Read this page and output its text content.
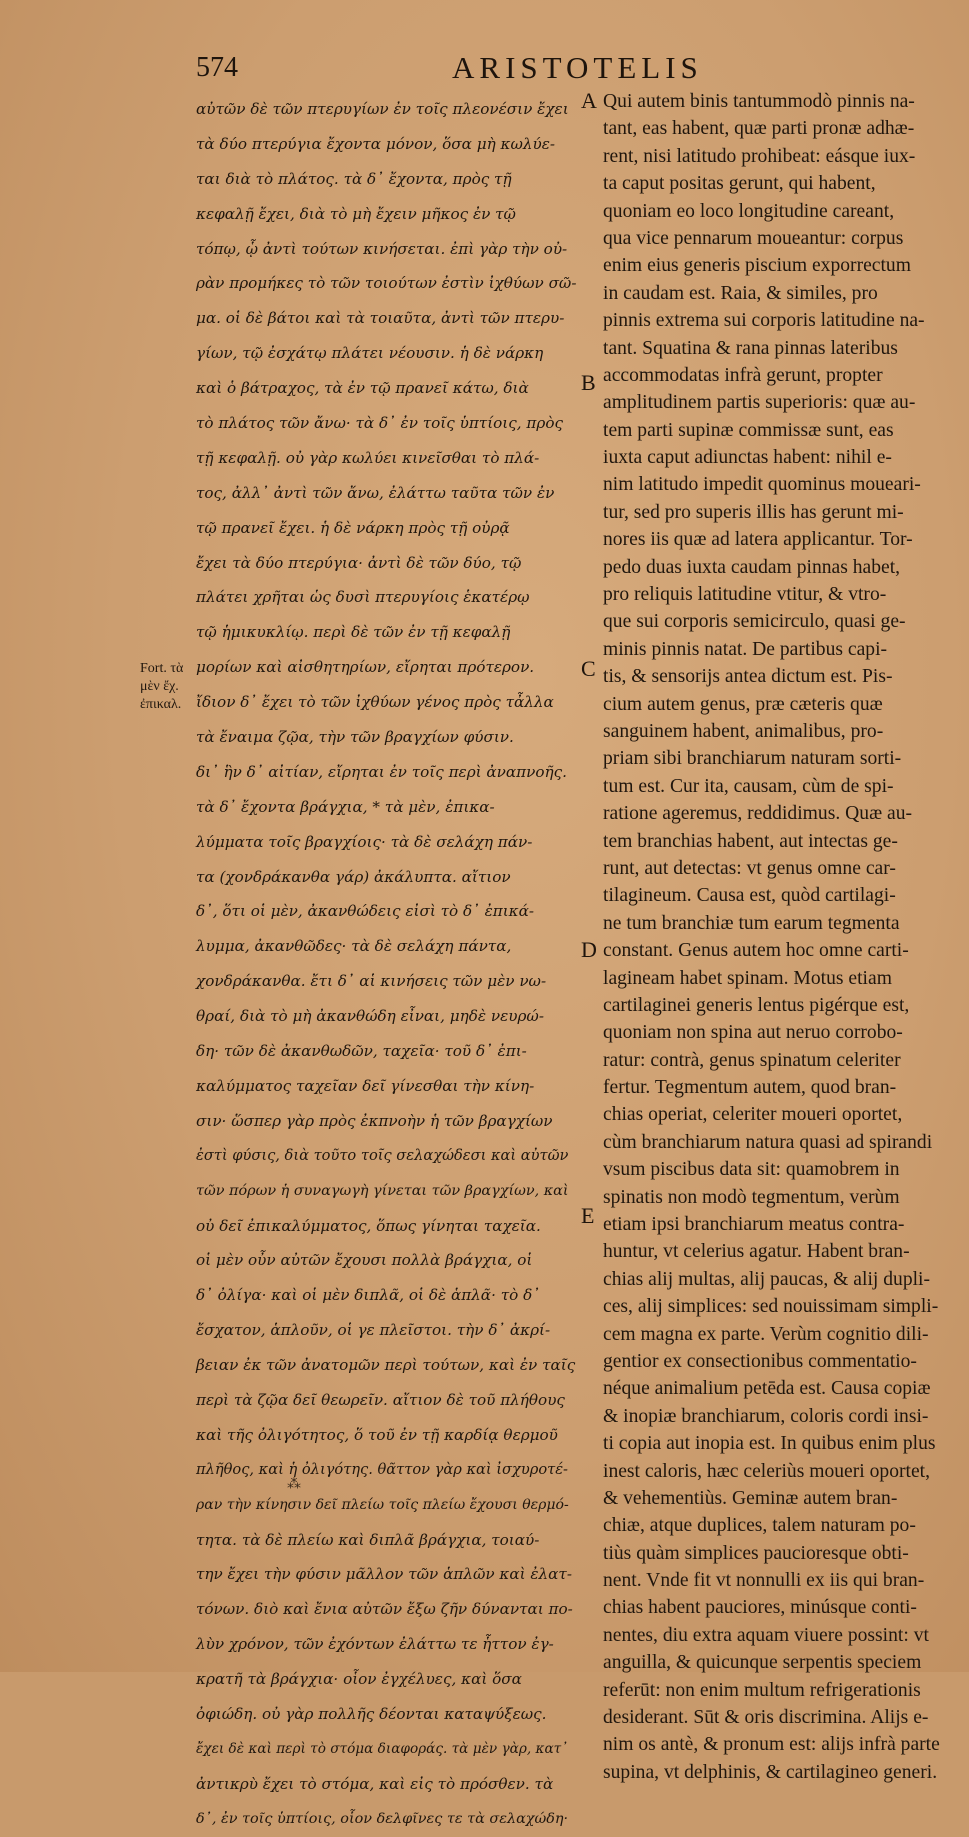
574
	ARISTOTELIS
A
B
C
D
E
Fort. τὰ
μὲν ἔχ.
ἐπικαλ.
αὐτῶν δὲ τῶν πτερυγίων ἐν τοῖς πλεονέσιν ἔχει
τὰ δύο πτερύγια ἔχοντα μόνον, ὅσα μὴ κωλύε-
ται διὰ τὸ πλάτος. τὰ δ᾽ ἔχοντα, πρὸς τῇ
κεφαλῇ ἔχει, διὰ τὸ μὴ ἔχειν μῆκος ἐν τῷ
τόπῳ, ᾧ ἀντὶ τούτων κινήσεται. ἐπὶ γὰρ τὴν οὐ-
ρὰν προμήκες τὸ τῶν τοιούτων ἐστὶν ἰχθύων σῶ-
μα. οἱ δὲ βάτοι καὶ τὰ τοιαῦτα, ἀντὶ τῶν πτερυ-
γίων, τῷ ἐσχάτῳ πλάτει νέουσιν. ἡ δὲ νάρκη
καὶ ὁ βάτραχος, τὰ ἐν τῷ πρανεῖ κάτω, διὰ
τὸ πλάτος τῶν ἄνω· τὰ δ᾽ ἐν τοῖς ὑπτίοις, πρὸς
τῇ κεφαλῇ. οὐ γὰρ κωλύει κινεῖσθαι τὸ πλά-
τος, ἀλλ᾽ ἀντὶ τῶν ἄνω, ἐλάττω ταῦτα τῶν ἐν
τῷ πρανεῖ ἔχει. ἡ δὲ νάρκη πρὸς τῇ οὐρᾷ
ἔχει τὰ δύο πτερύγια· ἀντὶ δὲ τῶν δύο, τῷ
πλάτει χρῆται ὡς δυσὶ πτερυγίοις ἑκατέρῳ
τῷ ἡμικυκλίῳ. περὶ δὲ τῶν ἐν τῇ κεφαλῇ
μορίων καὶ αἰσθητηρίων, εἴρηται πρότερον.
ἴδιον δ᾽ ἔχει τὸ τῶν ἰχθύων γένος πρὸς τἆλλα
τὰ ἔναιμα ζῷα, τὴν τῶν βραγχίων φύσιν.
δι᾽ ἣν δ᾽ αἰτίαν, εἴρηται ἐν τοῖς περὶ ἀναπνοῆς.
τὰ δ᾽ ἔχοντα βράγχια, * τὰ μὲν, ἐπικα-
λύμματα τοῖς βραγχίοις· τὰ δὲ σελάχη πάν-
τα (χονδράκανθα γάρ) ἀκάλυπτα. αἴτιον
δ᾽, ὅτι οἱ μὲν, ἀκανθώδεις εἰσὶ τὸ δ᾽ ἐπικά-
λυμμα, ἀκανθῶδες· τὰ δὲ σελάχη πάντα,
χονδράκανθα. ἔτι δ᾽ αἱ κινήσεις τῶν μὲν νω-
θραί, διὰ τὸ μὴ ἀκανθώδη εἶναι, μηδὲ νευρώ-
δη· τῶν δὲ ἀκανθωδῶν, ταχεῖα· τοῦ δ᾽ ἐπι-
καλύμματος ταχεῖαν δεῖ γίνεσθαι τὴν κίνη-
σιν· ὥσπερ γὰρ πρὸς ἐκπνοὴν ἡ τῶν βραγχίων
ἐστὶ φύσις, διὰ τοῦτο τοῖς σελαχώδεσι καὶ αὐτῶν
τῶν πόρων ἡ συναγωγὴ γίνεται τῶν βραγχίων, καὶ
οὐ δεῖ ἐπικαλύμματος, ὅπως γίνηται ταχεῖα.
οἱ μὲν οὖν αὐτῶν ἔχουσι πολλὰ βράγχια, οἱ
δ᾽ ὀλίγα· καὶ οἱ μὲν διπλᾶ, οἱ δὲ ἁπλᾶ· τὸ δ᾽
ἔσχατον, ἁπλοῦν, οἱ γε πλεῖστοι. τὴν δ᾽ ἀκρί-
βειαν ἐκ τῶν ἀνατομῶν περὶ τούτων, καὶ ἐν ταῖς
περὶ τὰ ζῷα δεῖ θεωρεῖν. αἴτιον δὲ τοῦ πλήθους
καὶ τῆς ὀλιγότητος, ὅ τοῦ ἐν τῇ καρδίᾳ θερμοῦ
πλῆθος, καὶ ἡ ὀλιγότης. θᾶττον γὰρ καὶ ἰσχυροτέ-
ραν τὴν κίνησιν δεῖ πλείω τοῖς πλείω ἔχουσι θερμό-
τητα. τὰ δὲ πλείω καὶ διπλᾶ βράγχια, τοιαύ-
την ἔχει τὴν φύσιν μᾶλλον τῶν ἁπλῶν καὶ ἐλατ-
τόνων. διὸ καὶ ἔνια αὐτῶν ἔξω ζῆν δύνανται πο-
λὺν χρόνον, τῶν ἐχόντων ἐλάττω τε ἧττον ἐγ-
κρατῆ τὰ βράγχια· οἷον ἐγχέλυες, καὶ ὅσα
ὀφιώδη. οὐ γὰρ πολλῆς δέονται καταψύξεως.
ἔχει δὲ καὶ περὶ τὸ στόμα διαφοράς. τὰ μὲν γὰρ, κατ᾽
ἀντικρὺ ἔχει τὸ στόμα, καὶ εἰς τὸ πρόσθεν. τὰ
δ᾽, ἐν τοῖς ὑπτίοις, οἷον δελφῖνες τε τὰ σελαχώδη·
Qui autem binis tantummodò pinnis na-
tant, eas habent, quæ parti pronæ adhæ-
rent, nisi latitudo prohibeat: eásque iux-
ta caput positas gerunt, qui habent,
quoniam eo loco longitudine careant,
qua vice pennarum moueantur: corpus
enim eius generis piscium exporrectum
in caudam est. Raia, & similes, pro
pinnis extrema sui corporis latitudine na-
tant. Squatina & rana pinnas lateribus
accommodatas infrà gerunt, propter
amplitudinem partis superioris: quæ au-
tem parti supinæ commissæ sunt, eas
iuxta caput adiunctas habent: nihil e-
nim latitudo impedit quominus moueari-
tur, sed pro superis illis has gerunt mi-
nores iis quæ ad latera applicantur. Tor-
pedo duas iuxta caudam pinnas habet,
pro reliquis latitudine vtitur, & vtro-
que sui corporis semicirculo, quasi ge-
minis pinnis natat. De partibus capi-
tis, & sensorijs antea dictum est. Pis-
cium autem genus, præ cæteris quæ
sanguinem habent, animalibus, pro-
priam sibi branchiarum naturam sorti-
tum est. Cur ita, causam, cùm de spi-
ratione ageremus, reddidimus. Quæ au-
tem branchias habent, aut intectas ge-
runt, aut detectas: vt genus omne car-
tilagineum. Causa est, quòd cartilagi-
ne tum branchiæ tum earum tegmenta
constant. Genus autem hoc omne carti-
lagineam habet spinam. Motus etiam
cartilaginei generis lentus pigérque est,
quoniam non spina aut neruo corrobo-
ratur: contrà, genus spinatum celeriter
fertur. Tegmentum autem, quod bran-
chias operiat, celeriter moueri oportet,
cùm branchiarum natura quasi ad spirandi
vsum piscibus data sit: quamobrem in
spinatis non modò tegmentum, verùm
etiam ipsi branchiarum meatus contra-
huntur, vt celerius agatur. Habent bran-
chias alij multas, alij paucas, & alij dupli-
ces, alij simplices: sed nouissimam simpli-
cem magna ex parte. Verùm cognitio dili-
gentior ex consectionibus commentatio-
néque animalium petēda est. Causa copiæ
& inopiæ branchiarum, coloris cordi insi-
ti copia aut inopia est. In quibus enim plus
inest caloris, hæc celeriùs moueri oportet,
& vehementiùs. Geminæ autem bran-
chiæ, atque duplices, talem naturam po-
tiùs quàm simplices paucioresque obti-
nent. Vnde fit vt nonnulli ex iis qui bran-
chias habent pauciores, minúsque conti-
nentes, diu extra aquam viuere possint: vt
anguilla, & quicunque serpentis speciem
referūt: non enim multum refrigerationis
desiderant. Sūt & oris discrimina. Alijs e-
nim os antè, & pronum est: alijs infrà parte
supina, vt delphinis, & cartilagineo generi.
⁂
